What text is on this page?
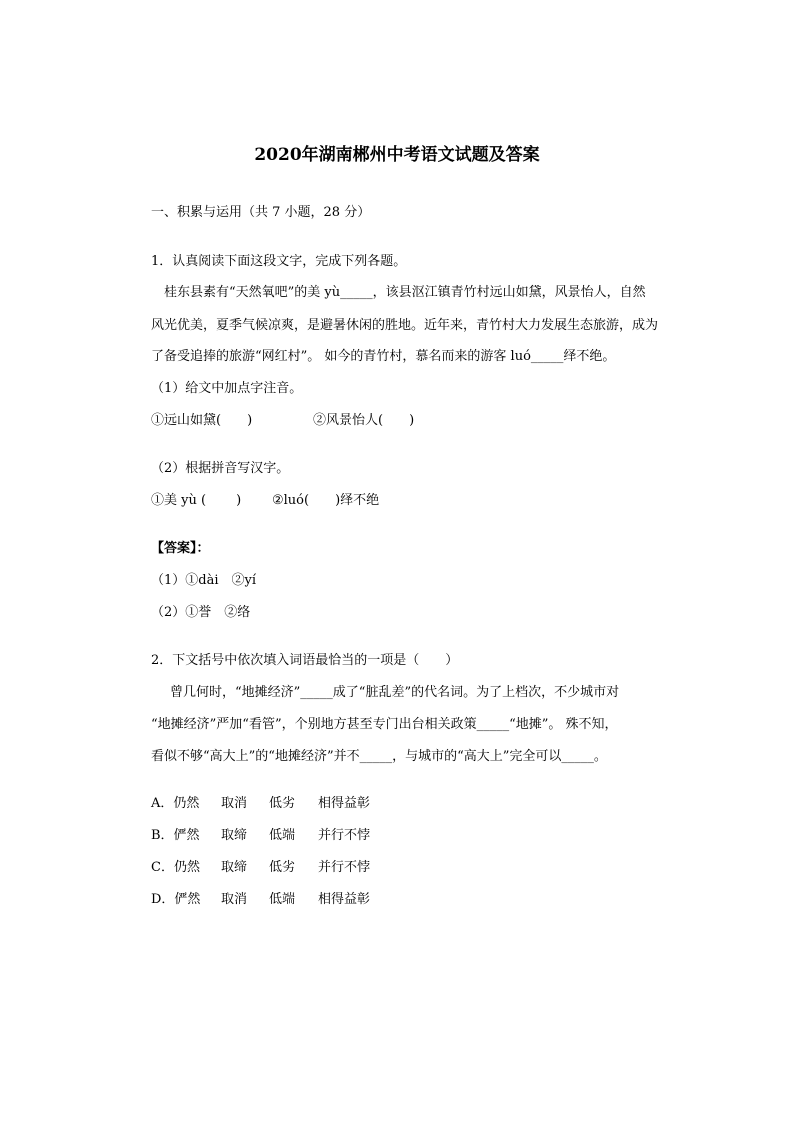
2020年湖南郴州中考语文试题及答案
一、积累与运用（共 7 小题，28 分）
1．认真阅读下面这段文字，完成下列各题。
桂东县素有“天然氧吧”的美 yù_____，该县沤江镇青竹村远山如黛，风景怡人，自然
风光优美，夏季气候凉爽，是避暑休闲的胜地。近年来，青竹村大力发展生态旅游，成为
了备受追捧的旅游“网红村”。 如今的青竹村，慕名而来的游客 luó_____绎不绝。
（1）给文中加点字注音。
①远山如黛(　　)	②风景怡人(　　)
（2）根据拼音写汉字。
①美 yù (　　 ) ②luó(　　)绎不绝
【答案】：
（1）①dài　②yí
（2）①誉　②络
2．下文括号中依次填入词语最恰当的一项是（　　）
曾几何时，“地摊经济”_____成了“脏乱差”的代名词。为了上档次，不少城市对
“地摊经济”严加“看管”，个别地方甚至专门出台相关政策_____“地摊”。 殊不知，
看似不够“高大上”的“地摊经济”并不_____，与城市的“高大上”完全可以_____。
A．仍然 取消 低劣 相得益彰
B．俨然 取缔 低端 并行不悖
C．仍然 取缔 低劣 并行不悖
D．俨然 取消 低端 相得益彰
